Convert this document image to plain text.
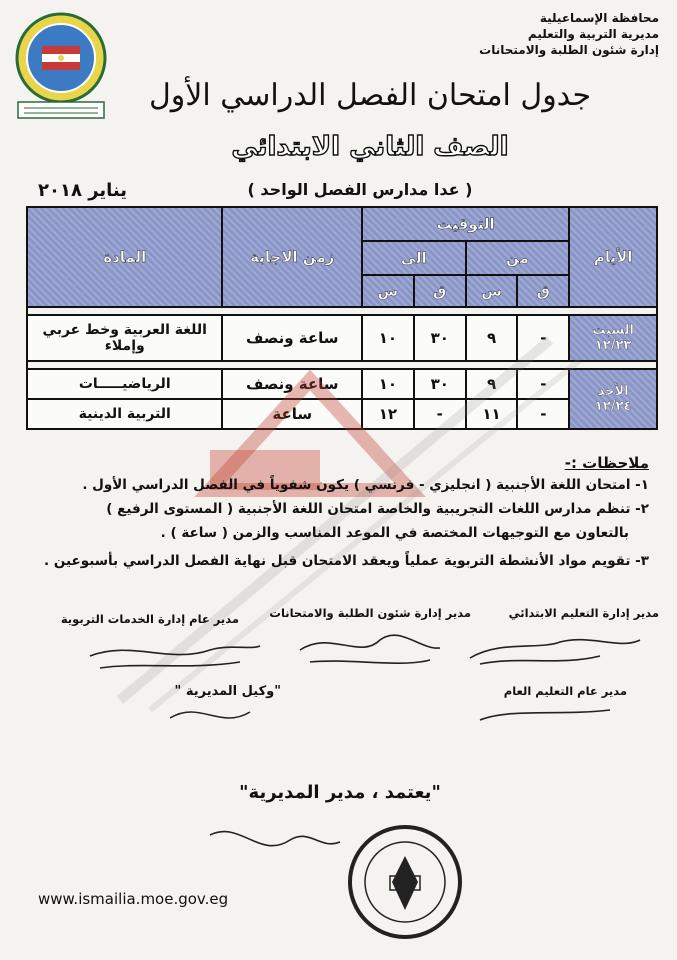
محافظة الإسماعيلية
مديرية التربية والتعليم
إدارة شئون الطلبة والامتحانات
جدول امتحان الفصل الدراسي الأول
الصف الثاني الابتدائي
( عدا مدارس الفصل الواحد )
يناير ٢٠١٨
الأيام	التوقيت				زمن الاجابة	المادة
	من		الى			
	ق	س	ق	س		

السبت
١٢/٢٣	-	٩	٣٠	١٠	ساعة ونصف	اللغة العربية وخط عربي وإملاء

الأحد
١٢/٢٤	-	٩	٣٠	١٠	ساعة ونصف	الرياضيـــــات
	-	١١	-	١٢	ساعة	التربية الدينية
ملاحظات :-
١- امتحان اللغة الأجنبية ( انجليزي - فرنسي ) يكون شفوياً في الفصل الدراسي الأول .
٢- تنظم مدارس اللغات التجريبية والخاصة امتحان اللغة الأجنبية ( المستوى الرفيع )
بالتعاون مع التوجيهات المختصة في الموعد المناسب والزمن ( ساعة ) .
٣- تقويم مواد الأنشطة التربوية عملياً ويعقد الامتحان قبل نهاية الفصل الدراسي بأسبوعين .
مدير إدارة التعليم الابتدائي
مدير إدارة شئون الطلبة والامتحانات
مدير عام إدارة الخدمات التربوية
مدير عام التعليم العام
"وكيل المديرية "
"يعتمد ، مدير المديرية"
www.ismailia.moe.gov.eg
